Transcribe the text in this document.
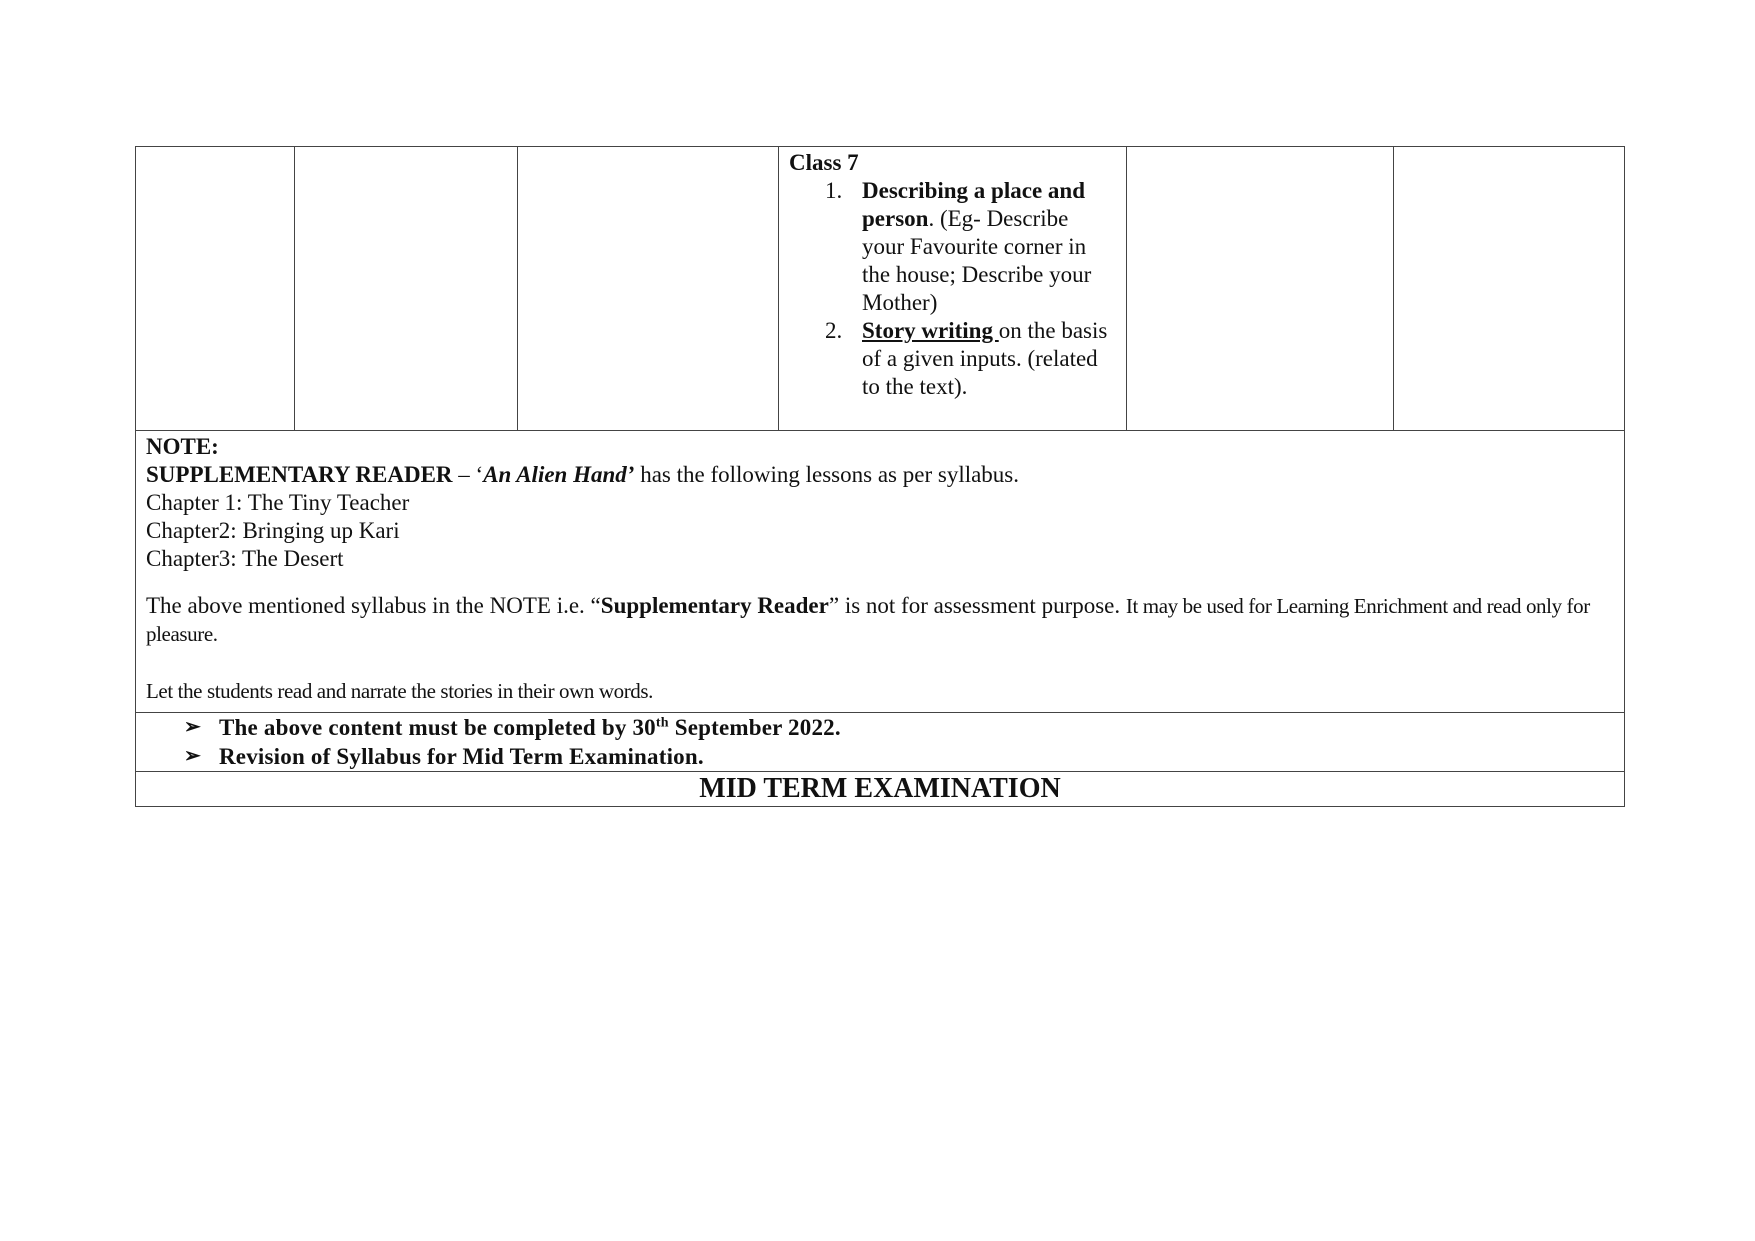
Class 7
1. Describing a place and person. (Eg- Describe your Favourite corner in the house; Describe your Mother)
2. Story writing on the basis of a given inputs. (related to the text).

NOTE:

SUPPLEMENTARY READER – ‘An Alien Hand’ has the following lessons as per syllabus.

Chapter 1: The Tiny Teacher

Chapter2: Bringing up Kari

Chapter3: The Desert

The above mentioned syllabus in the NOTE i.e. “Supplementary Reader” is not for assessment purpose. It may be used for Learning Enrichment and read only for pleasure.

Let the students read and narrate the stories in their own words.

➢ The above content must be completed by 30th September 2022.
➢ Revision of Syllabus for Mid Term Examination.

MID TERM EXAMINATION
